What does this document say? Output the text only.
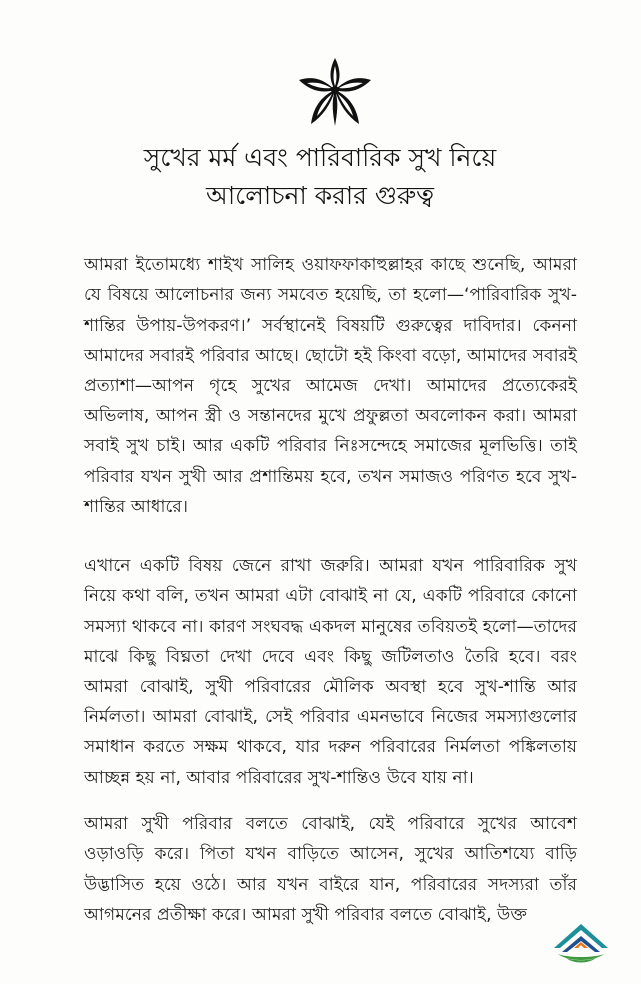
সুখের মর্ম এবং পারিবারিক সুখ নিয়ে
আলোচনা করার গুরুত্ব

আমরা ইতোমধ্যে শাইখ সালিহ ওয়াফফাকাহুল্লাহর কাছে শুনেছি, আমরা যে বিষয়ে আলোচনার জন্য সমবেত হয়েছি, তা হলো—‘পারিবারিক সুখ-শান্তির উপায়-উপকরণ।’ সর্বস্থানেই বিষয়টি গুরুত্বের দাবিদার। কেননা আমাদের সবারই পরিবার আছে। ছোটো হই কিংবা বড়ো, আমাদের সবারই প্রত্যাশা—আপন গৃহে সুখের আমেজ দেখা। আমাদের প্রত্যেকেরই অভিলাষ, আপন স্ত্রী ও সন্তানদের মুখে প্রফুল্লতা অবলোকন করা। আমরা সবাই সুখ চাই। আর একটি পরিবার নিঃসন্দেহে সমাজের মূলভিত্তি। তাই পরিবার যখন সুখী আর প্রশান্তিময় হবে, তখন সমাজও পরিণত হবে সুখ-শান্তির আধারে।

এখানে একটি বিষয় জেনে রাখা জরুরি। আমরা যখন পারিবারিক সুখ নিয়ে কথা বলি, তখন আমরা এটা বোঝাই না যে, একটি পরিবারে কোনো সমস্যা থাকবে না। কারণ সংঘবদ্ধ একদল মানুষের তবিয়তই হলো—তাদের মাঝে কিছু বিঘ্নতা দেখা দেবে এবং কিছু জটিলতাও তৈরি হবে। বরং আমরা বোঝাই, সুখী পরিবারের মৌলিক অবস্থা হবে সুখ-শান্তি আর নির্মলতা। আমরা বোঝাই, সেই পরিবার এমনভাবে নিজের সমস্যাগুলোর সমাধান করতে সক্ষম থাকবে, যার দরুন পরিবারের নির্মলতা পঙ্কিলতায় আচ্ছন্ন হয় না, আবার পরিবারের সুখ-শান্তিও উবে যায় না।

আমরা সুখী পরিবার বলতে বোঝাই, যেই পরিবারে সুখের আবেশ ওড়াওড়ি করে। পিতা যখন বাড়িতে আসেন, সুখের আতিশয্যে বাড়ি উদ্ভাসিত হয়ে ওঠে। আর যখন বাইরে যান, পরিবারের সদস্যরা তাঁর আগমনের প্রতীক্ষা করে। আমরা সুখী পরিবার বলতে বোঝাই, উক্ত
